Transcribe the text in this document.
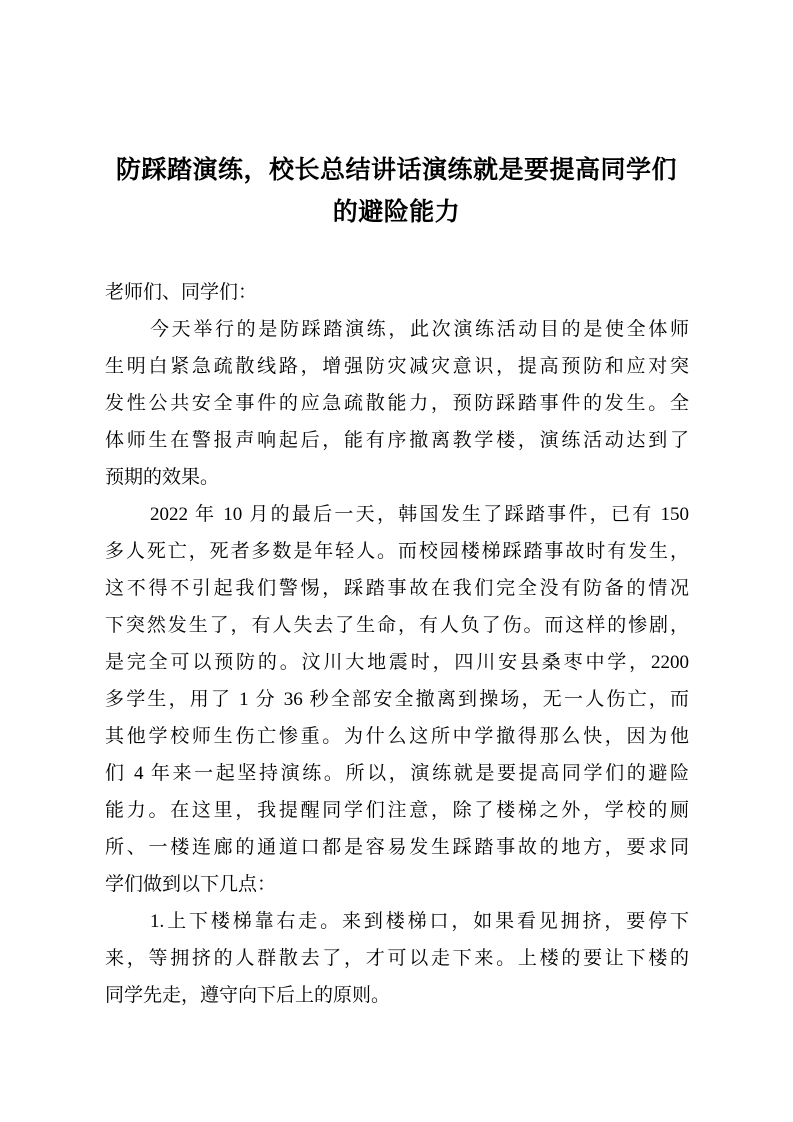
防踩踏演练，校长总结讲话演练就是要提高同学们
的避险能力
老师们、同学们：
今天举行的是防踩踏演练，此次演练活动目的是使全体师
生明白紧急疏散线路，增强防灾减灾意识，提高预防和应对突
发性公共安全事件的应急疏散能力，预防踩踏事件的发生。全
体师生在警报声响起后，能有序撤离教学楼，演练活动达到了
预期的效果。
2022 年 10 月的最后一天，韩国发生了踩踏事件，已有 150
多人死亡，死者多数是年轻人。而校园楼梯踩踏事故时有发生，
这不得不引起我们警惕，踩踏事故在我们完全没有防备的情况
下突然发生了，有人失去了生命，有人负了伤。而这样的惨剧，
是完全可以预防的。汶川大地震时，四川安县桑枣中学，2200
多学生，用了 1 分 36 秒全部安全撤离到操场，无一人伤亡，而
其他学校师生伤亡惨重。为什么这所中学撤得那么快，因为他
们 4 年来一起坚持演练。所以，演练就是要提高同学们的避险
能力。在这里，我提醒同学们注意，除了楼梯之外，学校的厕
所、一楼连廊的通道口都是容易发生踩踏事故的地方，要求同
学们做到以下几点：
1.上下楼梯靠右走。来到楼梯口，如果看见拥挤，要停下
来，等拥挤的人群散去了，才可以走下来。上楼的要让下楼的
同学先走，遵守向下后上的原则。
